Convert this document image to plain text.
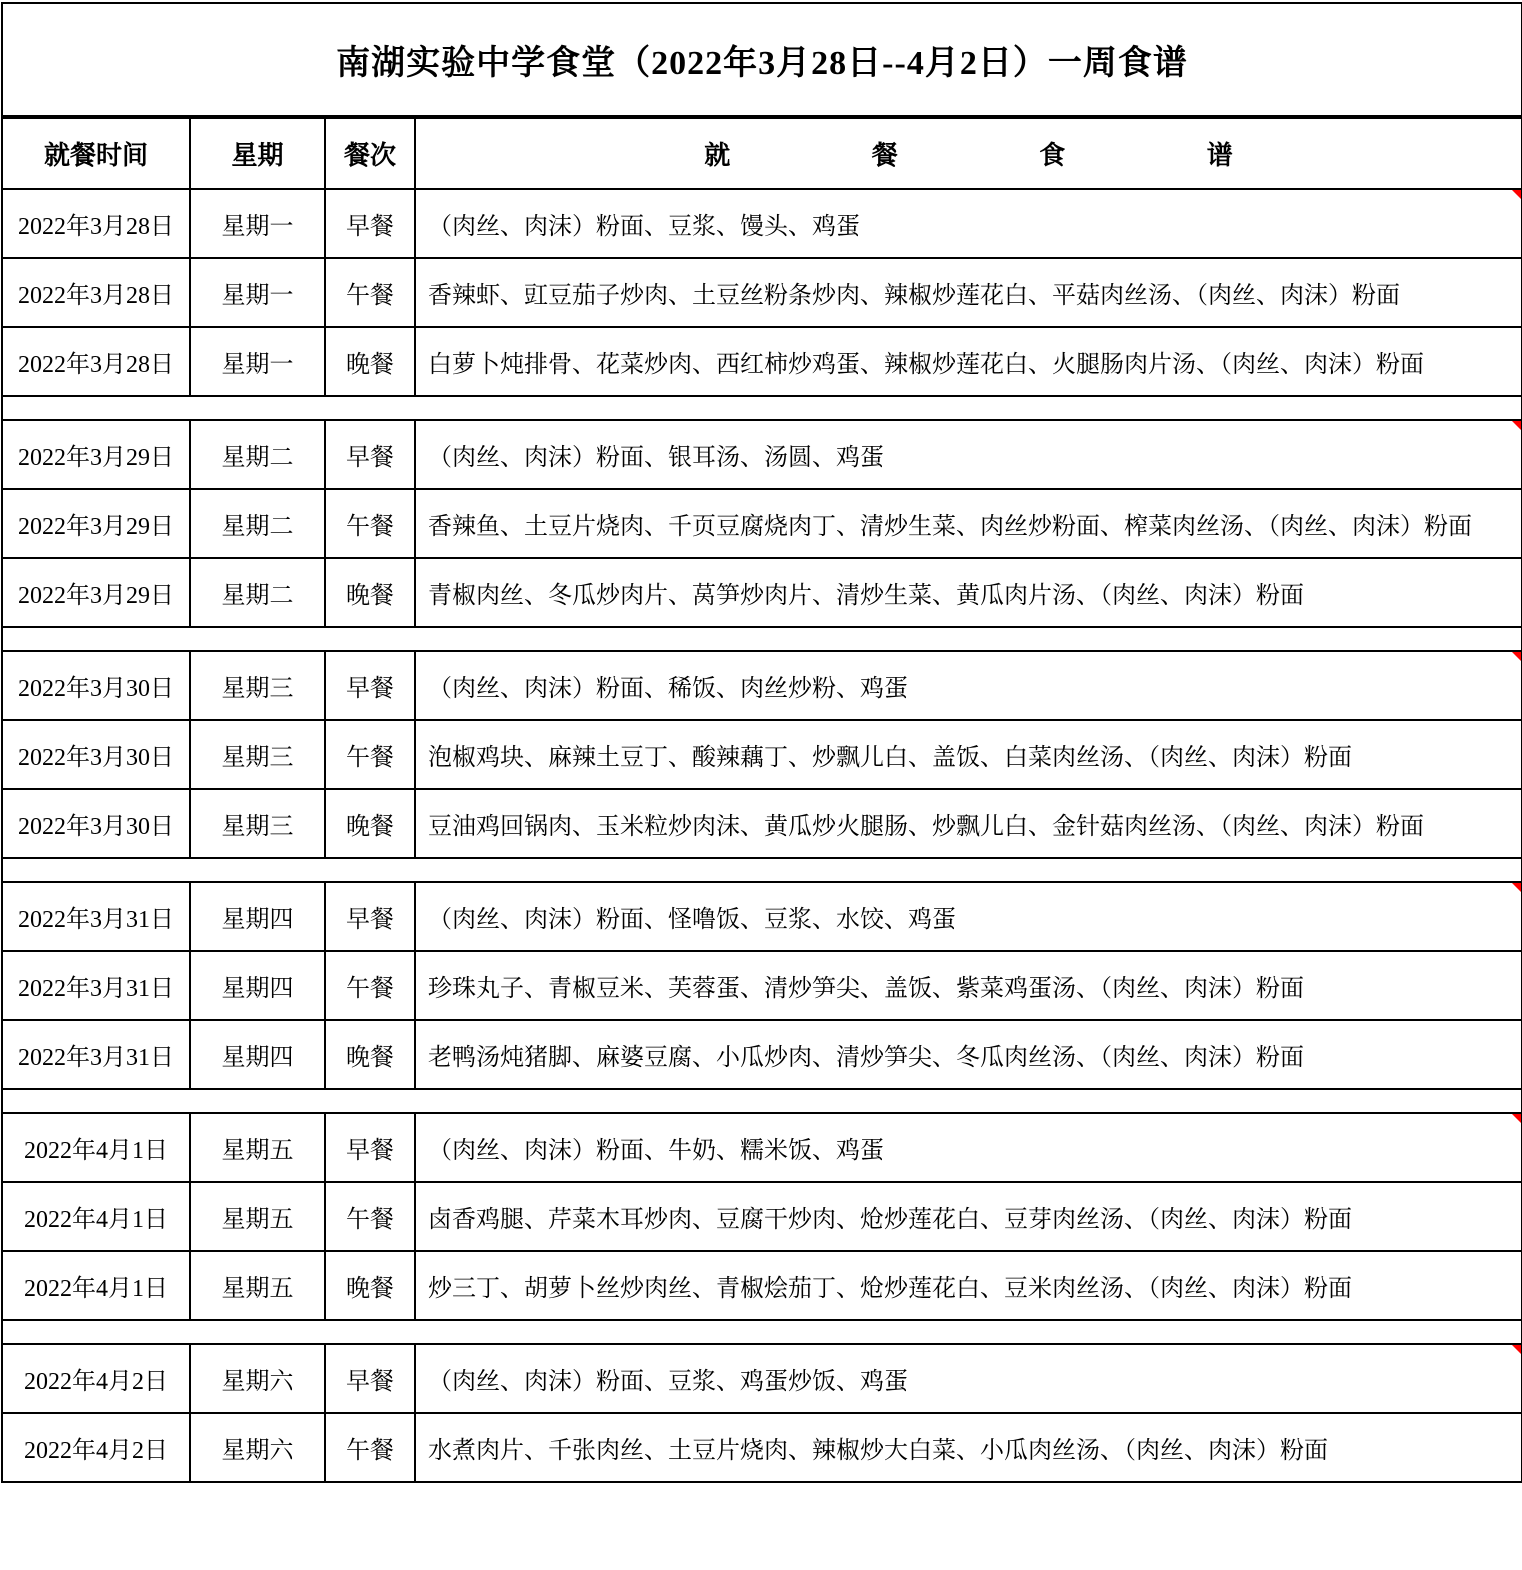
南湖实验中学食堂（2022年3月28日--4月2日）一周食谱
就餐时间	星期	餐次	就 餐 食 谱
2022年3月28日	星期一	早餐	（肉丝、肉沫）粉面、豆浆、馒头、鸡蛋

2022年3月28日	星期一	午餐	香辣虾、豇豆茄子炒肉、土豆丝粉条炒肉、辣椒炒莲花白、平菇肉丝汤、（肉丝、肉沫）粉面
2022年3月28日	星期一	晚餐	白萝卜炖排骨、花菜炒肉、西红柿炒鸡蛋、辣椒炒莲花白、火腿肠肉片汤、（肉丝、肉沫）粉面

2022年3月29日	星期二	早餐	（肉丝、肉沫）粉面、银耳汤、汤圆、鸡蛋

2022年3月29日	星期二	午餐	香辣鱼、土豆片烧肉、千页豆腐烧肉丁、清炒生菜、肉丝炒粉面、榨菜肉丝汤、（肉丝、肉沫）粉面
2022年3月29日	星期二	晚餐	青椒肉丝、冬瓜炒肉片、莴笋炒肉片、清炒生菜、黄瓜肉片汤、（肉丝、肉沫）粉面

2022年3月30日	星期三	早餐	（肉丝、肉沫）粉面、稀饭、肉丝炒粉、鸡蛋

2022年3月30日	星期三	午餐	泡椒鸡块、麻辣土豆丁、酸辣藕丁、炒飘儿白、盖饭、白菜肉丝汤、（肉丝、肉沫）粉面
2022年3月30日	星期三	晚餐	豆油鸡回锅肉、玉米粒炒肉沫、黄瓜炒火腿肠、炒飘儿白、金针菇肉丝汤、（肉丝、肉沫）粉面

2022年3月31日	星期四	早餐	（肉丝、肉沫）粉面、怪噜饭、豆浆、水饺、鸡蛋

2022年3月31日	星期四	午餐	珍珠丸子、青椒豆米、芙蓉蛋、清炒笋尖、盖饭、紫菜鸡蛋汤、（肉丝、肉沫）粉面
2022年3月31日	星期四	晚餐	老鸭汤炖猪脚、麻婆豆腐、小瓜炒肉、清炒笋尖、冬瓜肉丝汤、（肉丝、肉沫）粉面

2022年4月1日	星期五	早餐	（肉丝、肉沫）粉面、牛奶、糯米饭、鸡蛋

2022年4月1日	星期五	午餐	卤香鸡腿、芹菜木耳炒肉、豆腐干炒肉、炝炒莲花白、豆芽肉丝汤、（肉丝、肉沫）粉面
2022年4月1日	星期五	晚餐	炒三丁、胡萝卜丝炒肉丝、青椒烩茄丁、炝炒莲花白、豆米肉丝汤、（肉丝、肉沫）粉面

2022年4月2日	星期六	早餐	（肉丝、肉沫）粉面、豆浆、鸡蛋炒饭、鸡蛋

2022年4月2日	星期六	午餐	水煮肉片、千张肉丝、土豆片烧肉、辣椒炒大白菜、小瓜肉丝汤、（肉丝、肉沫）粉面
